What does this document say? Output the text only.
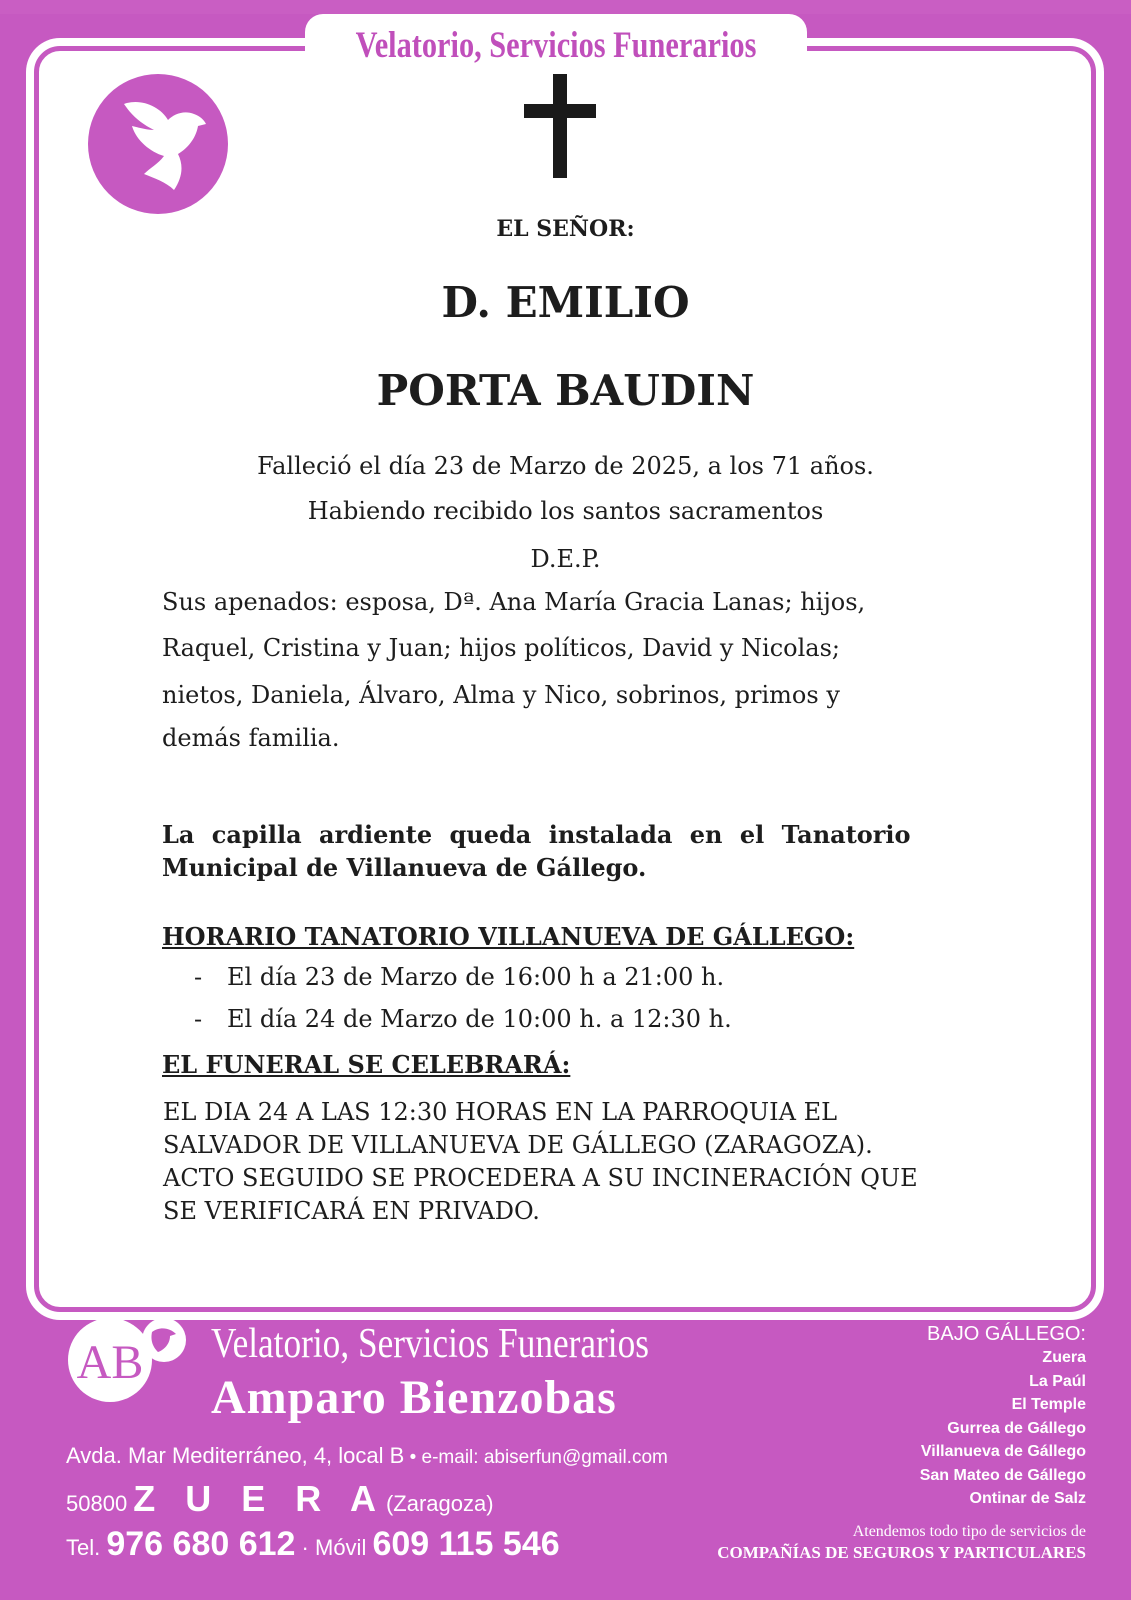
Velatorio, Servicios Funerarios
EL SEÑOR:
D. EMILIO
PORTA BAUDIN
Falleció el día 23 de Marzo de 2025, a los 71 años.
Habiendo recibido los santos sacramentos
D.E.P.
Sus apenados: esposa, Dª. Ana María Gracia Lanas; hijos,
Raquel, Cristina y Juan; hijos políticos, David y Nicolas;
nietos, Daniela, Álvaro, Alma y Nico, sobrinos, primos y
demás familia.
La capilla ardiente queda instalada en el Tanatorio
Municipal de Villanueva de Gállego.
HORARIO TANATORIO VILLANUEVA DE GÁLLEGO:
- El día 23 de Marzo de 16:00 h a 21:00 h.
- El día 24 de Marzo de 10:00 h. a 12:30 h.
EL FUNERAL SE CELEBRARÁ:
EL DIA 24 A LAS 12:30 HORAS EN LA PARROQUIA EL
SALVADOR DE VILLANUEVA DE GÁLLEGO (ZARAGOZA).
ACTO SEGUIDO SE PROCEDERA A SU INCINERACIÓN QUE
SE VERIFICARÁ EN PRIVADO.
AB Velatorio, Servicios Funerarios
Amparo Bienzobas
Avda. Mar Mediterráneo, 4, local B • e-mail: abiserfun@gmail.com
50800 Z U E R A(Zaragoza)
Tel. 976 680 612 · Móvil 609 115 546
BAJO GÁLLEGO:
Zuera
La Paúl
El Temple
Gurrea de Gállego
Villanueva de Gállego
San Mateo de Gállego
Ontinar de Salz
Atendemos todo tipo de servicios de
COMPAÑÍAS DE SEGUROS Y PARTICULARES
